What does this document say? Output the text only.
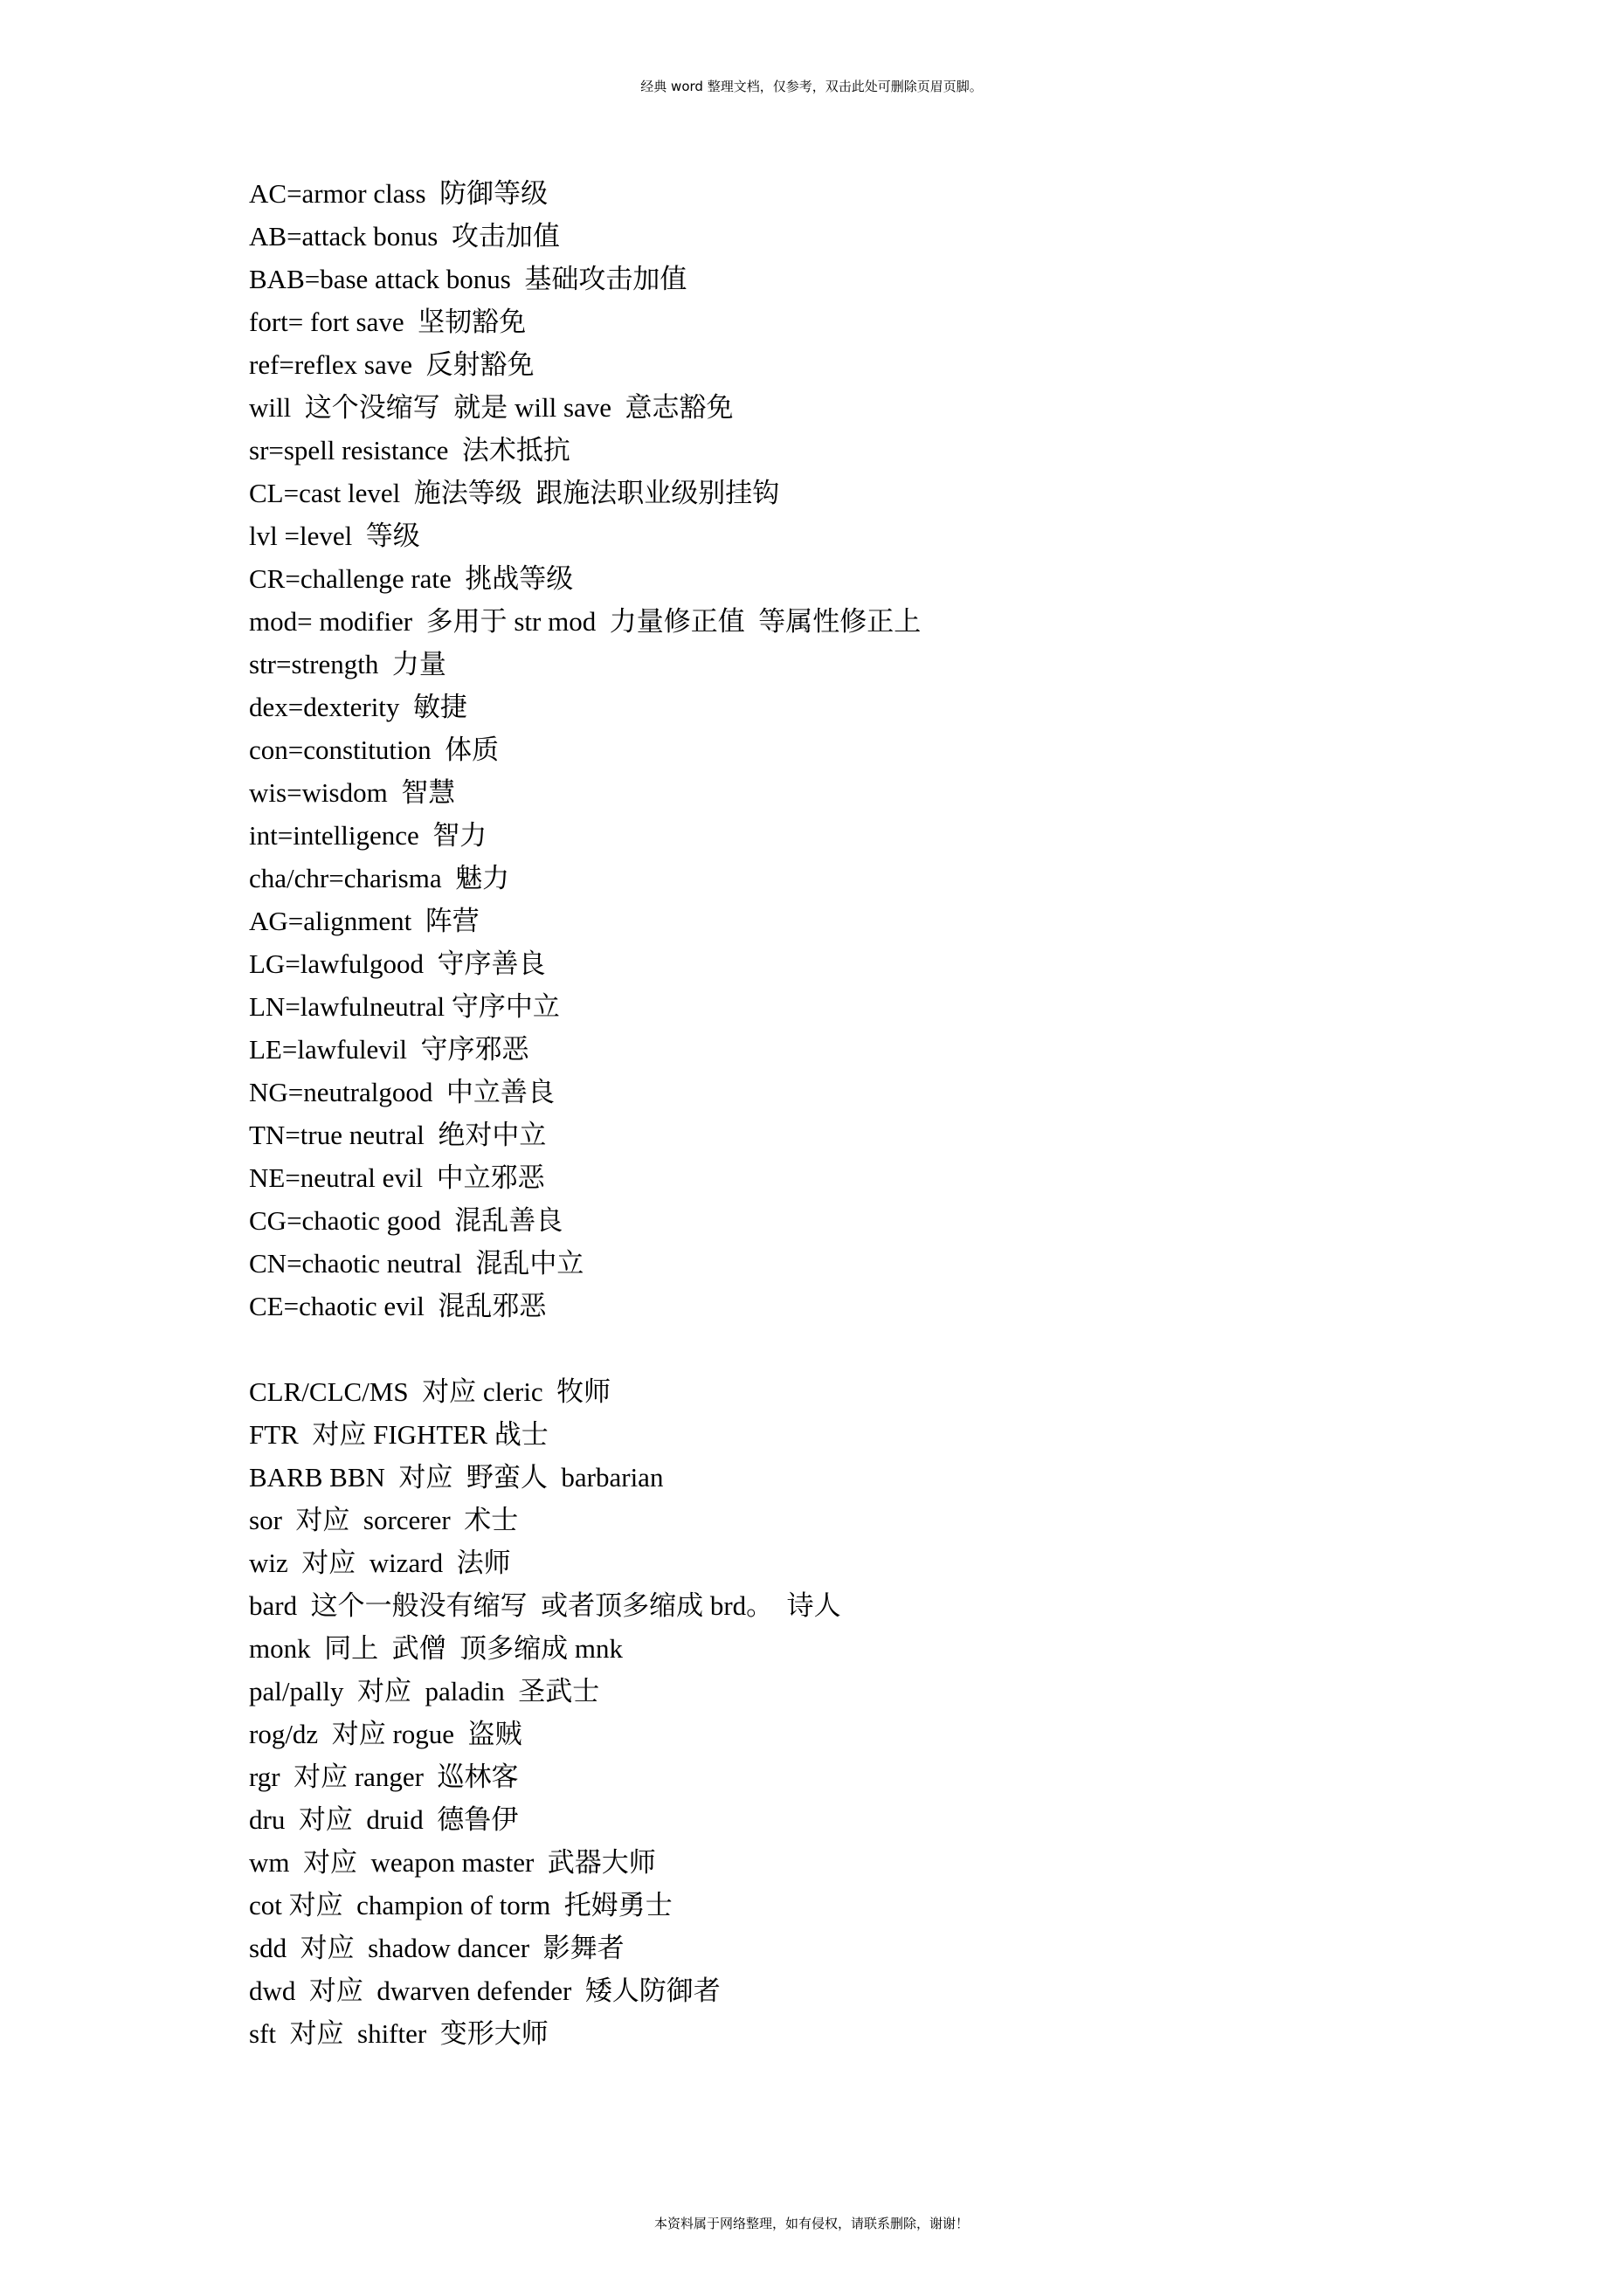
经典 word 整理文档，仅参考，双击此处可删除页眉页脚。
AC=armor class  防御等级
AB=attack bonus  攻击加值
BAB=base attack bonus  基础攻击加值
fort= fort save  坚韧豁免
ref=reflex save  反射豁免
will  这个没缩写  就是 will save  意志豁免
sr=spell resistance  法术抵抗
CL=cast level  施法等级  跟施法职业级别挂钩
lvl =level  等级
CR=challenge rate  挑战等级
mod= modifier  多用于 str mod  力量修正值  等属性修正上
str=strength  力量
dex=dexterity  敏捷
con=constitution  体质
wis=wisdom  智慧
int=intelligence  智力
cha/chr=charisma  魅力
AG=alignment  阵营
LG=lawfulgood  守序善良
LN=lawfulneutral 守序中立
LE=lawfulevil  守序邪恶
NG=neutralgood  中立善良
TN=true neutral  绝对中立
NE=neutral evil  中立邪恶
CG=chaotic good  混乱善良
CN=chaotic neutral  混乱中立
CE=chaotic evil  混乱邪恶
CLR/CLC/MS  对应 cleric  牧师
FTR  对应 FIGHTER 战士
BARB BBN  对应  野蛮人  barbarian
sor  对应  sorcerer  术士
wiz  对应  wizard  法师
bard  这个一般没有缩写  或者顶多缩成 brd。  诗人
monk  同上  武僧  顶多缩成 mnk
pal/pally  对应  paladin  圣武士
rog/dz  对应 rogue  盗贼
rgr  对应 ranger  巡林客
dru  对应  druid  德鲁伊
wm  对应  weapon master  武器大师
cot 对应  champion of torm  托姆勇士
sdd  对应  shadow dancer  影舞者
dwd  对应  dwarven defender  矮人防御者
sft  对应  shifter  变形大师
本资料属于网络整理，如有侵权，请联系删除，谢谢！
